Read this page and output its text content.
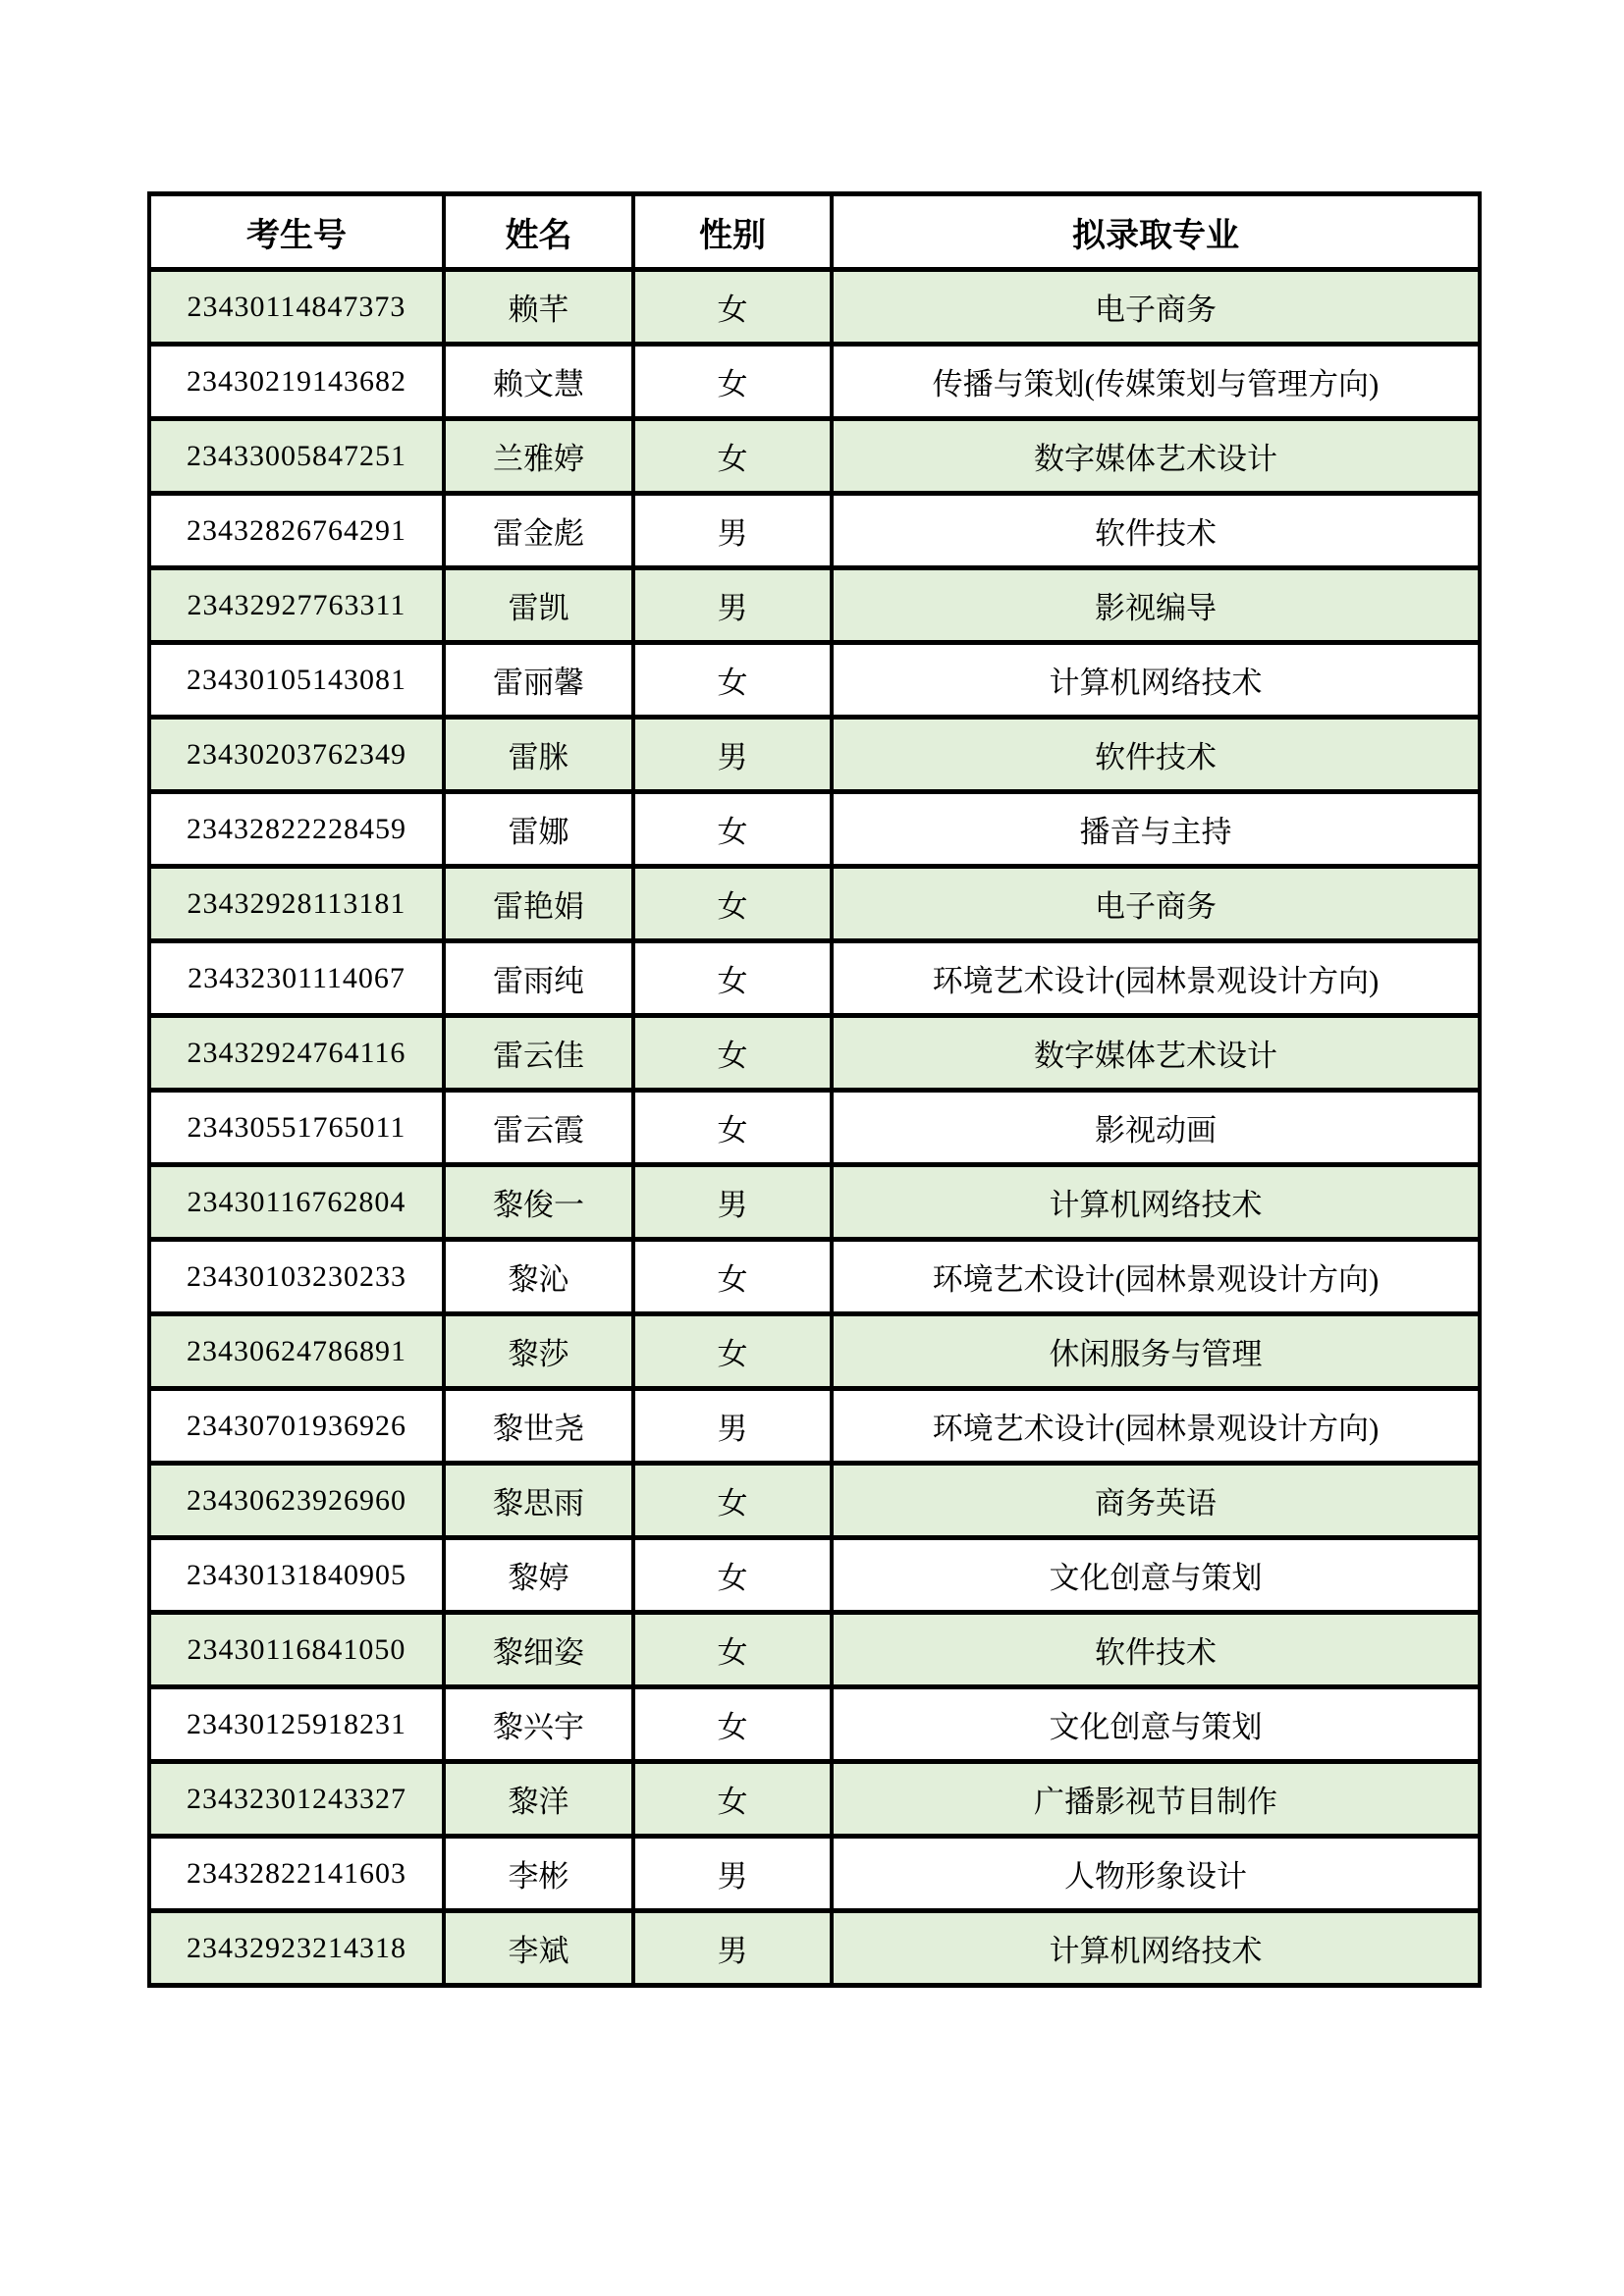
考生号	姓名	性别	拟录取专业
23430114847373	赖芊	女	电子商务
23430219143682	赖文慧	女	传播与策划(传媒策划与管理方向)
23433005847251	兰雅婷	女	数字媒体艺术设计
23432826764291	雷金彪	男	软件技术
23432927763311	雷凯	男	影视编导
23430105143081	雷丽馨	女	计算机网络技术
23430203762349	雷脒	男	软件技术
23432822228459	雷娜	女	播音与主持
23432928113181	雷艳娟	女	电子商务
23432301114067	雷雨纯	女	环境艺术设计(园林景观设计方向)
23432924764116	雷云佳	女	数字媒体艺术设计
23430551765011	雷云霞	女	影视动画
23430116762804	黎俊一	男	计算机网络技术
23430103230233	黎沁	女	环境艺术设计(园林景观设计方向)
23430624786891	黎莎	女	休闲服务与管理
23430701936926	黎世尧	男	环境艺术设计(园林景观设计方向)
23430623926960	黎思雨	女	商务英语
23430131840905	黎婷	女	文化创意与策划
23430116841050	黎细姿	女	软件技术
23430125918231	黎兴宇	女	文化创意与策划
23432301243327	黎洋	女	广播影视节目制作
23432822141603	李彬	男	人物形象设计
23432923214318	李斌	男	计算机网络技术
